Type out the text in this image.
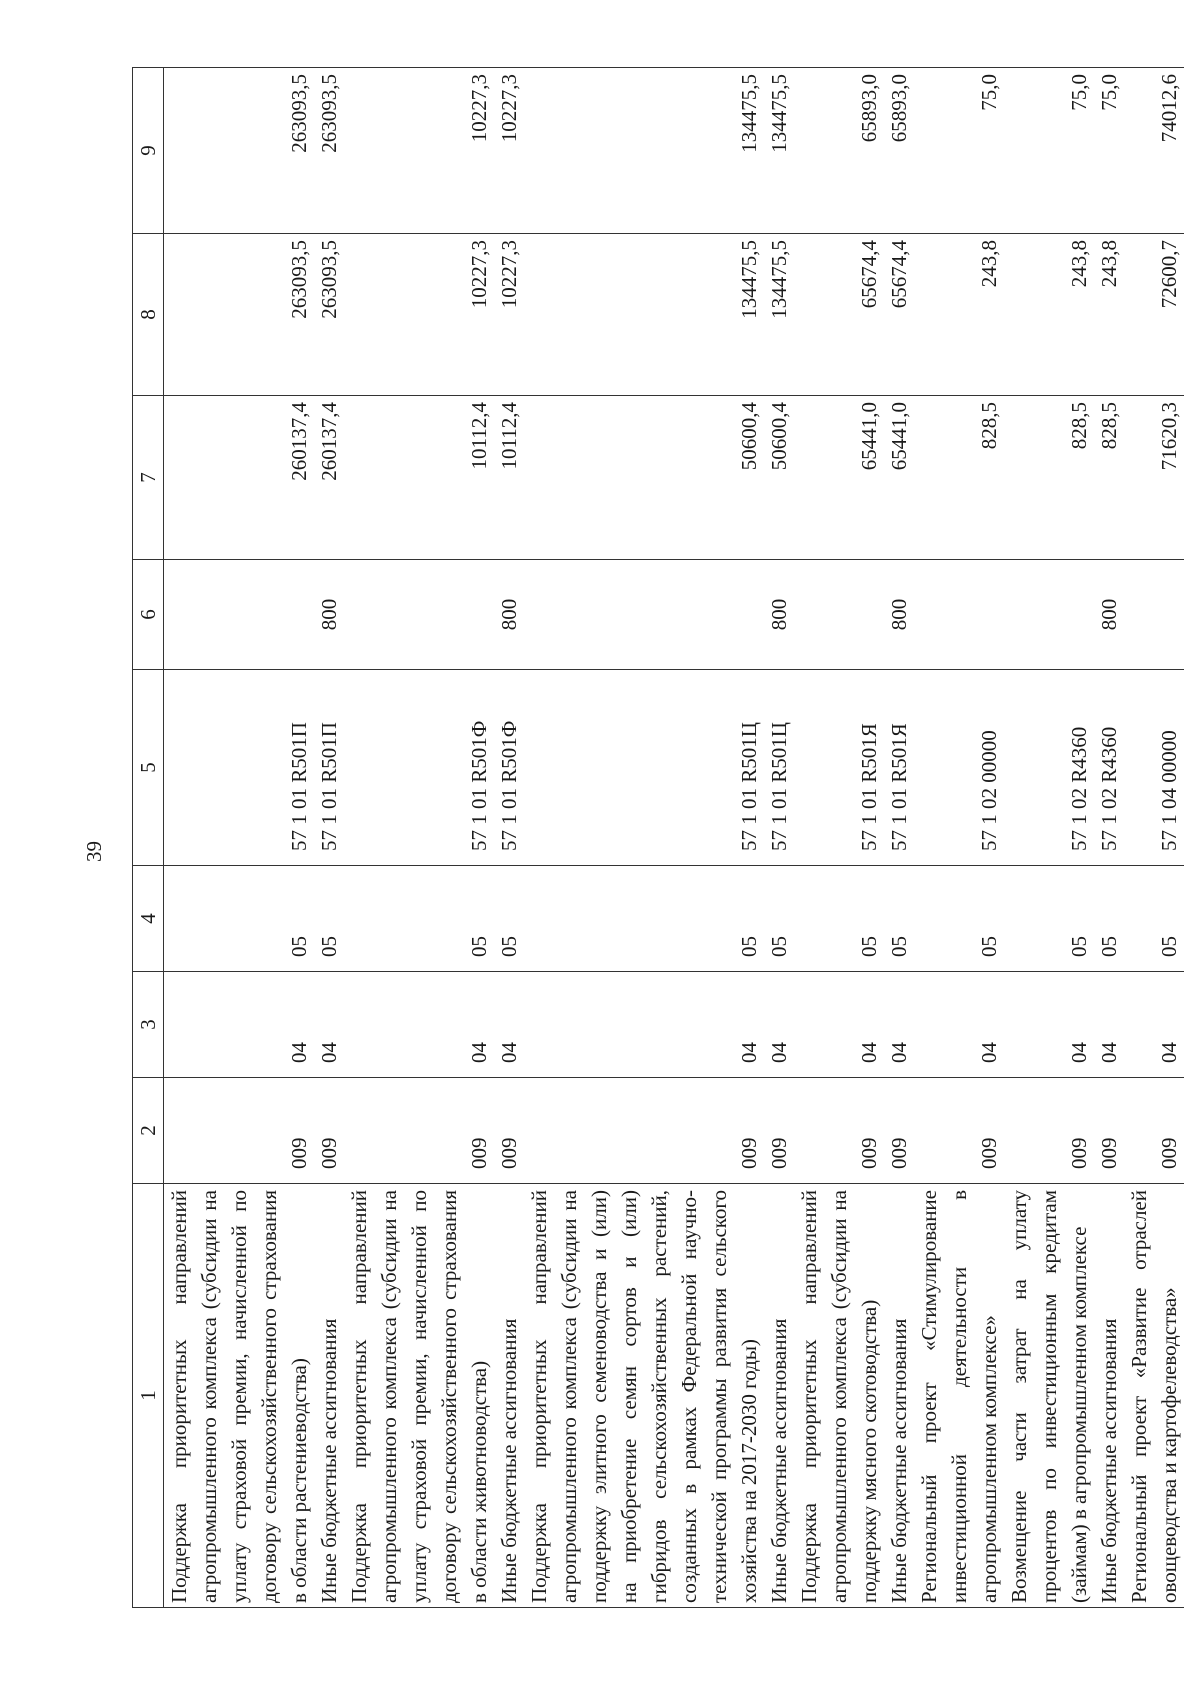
39
1	2	3	4	5	6	7	8	9
Поддержка приоритетных направлений агропромышленного комплекса (субсидии на уплату страховой премии, начисленной по договору сельскохозяйственного страхования в области растениеводства)	009	04	05	57 1 01 R501П		260137,4	263093,5	263093,5
Иные бюджетные ассигнования	009	04	05	57 1 01 R501П	800	260137,4	263093,5	263093,5
Поддержка приоритетных направлений агропромышленного комплекса (субсидии на уплату страховой премии, начисленной по договору сельскохозяйственного страхования в области животноводства)	009	04	05	57 1 01 R501Ф		10112,4	10227,3	10227,3
Иные бюджетные ассигнования	009	04	05	57 1 01 R501Ф	800	10112,4	10227,3	10227,3
Поддержка приоритетных направлений агропромышленного комплекса (субсидии на поддержку элитного семеноводства и (или) на приобретение семян сортов и (или) гибридов сельскохозяйственных растений, созданных в рамках Федеральной научно-технической программы развития сельского хозяйства на 2017-2030 годы)	009	04	05	57 1 01 R501Ц		50600,4	134475,5	134475,5
Иные бюджетные ассигнования	009	04	05	57 1 01 R501Ц	800	50600,4	134475,5	134475,5
Поддержка приоритетных направлений агропромышленного комплекса (субсидии на поддержку мясного скотоводства)	009	04	05	57 1 01 R501Я		65441,0	65674,4	65893,0
Иные бюджетные ассигнования	009	04	05	57 1 01 R501Я	800	65441,0	65674,4	65893,0
Региональный проект «Стимулирование инвестиционной деятельности в агропромышленном комплексе»	009	04	05	57 1 02 00000		828,5	243,8	75,0
Возмещение части затрат на уплату процентов по инвестиционным кредитам (займам) в агропромышленном комплексе	009	04	05	57 1 02 R4360		828,5	243,8	75,0
Иные бюджетные ассигнования	009	04	05	57 1 02 R4360	800	828,5	243,8	75,0
Региональный проект «Развитие отраслей овощеводства и картофелеводства»	009	04	05	57 1 04 00000		71620,3	72600,7	74012,6
